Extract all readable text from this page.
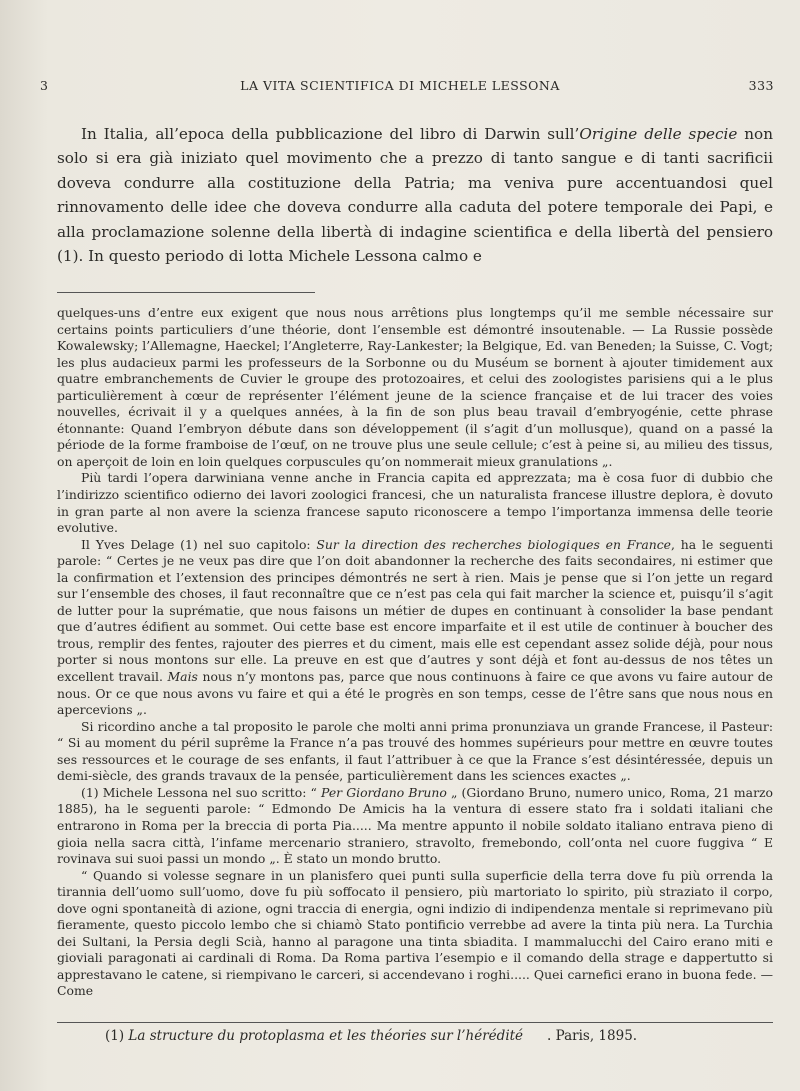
3	LA VITA SCIENTIFICA DI MICHELE LESSONA	333

In Italia, all’epoca della pubblicazione del libro di Darwin sull’Origine delle specie non solo si era già iniziato quel movimento che a prezzo di tanto sangue e di tanti sacrificii doveva condurre alla costituzione della Patria; ma veniva pure accentuandosi quel rinnovamento delle idee che doveva condurre alla caduta del potere temporale dei Papi, e alla proclamazione solenne della libertà di indagine scientifica e della libertà del pensiero (1). In questo periodo di lotta Michele Lessona calmo e

quelques-uns d’entre eux exigent que nous nous arrêtions plus longtemps qu’il me semble nécessaire sur certains points particuliers d’une théorie, dont l’ensemble est démontré insoutenable. — La Russie possède Kowalewsky; l’Allemagne, Haeckel; l’Angleterre, Ray-Lankester; la Belgique, Ed. van Beneden; la Suisse, C. Vogt; les plus audacieux parmi les professeurs de la Sorbonne ou du Muséum se bornent à ajouter timidement aux quatre embranchements de Cuvier le groupe des protozoaires, et celui des zoologistes parisiens qui a le plus particulièrement à cœur de représenter l’élément jeune de la science française et de lui tracer des voies nouvelles, écrivait il y a quelques années, à la fin de son plus beau travail d’embryogénie, cette phrase étonnante: Quand l’embryon débute dans son développement (il s’agit d’un mollusque), quand on a passé la période de la forme framboise de l’œuf, on ne trouve plus une seule cellule; c’est à peine si, au milieu des tissus, on aperçoit de loin en loin quelques corpuscules qu’on nommerait mieux granulations „.

Più tardi l’opera darwiniana venne anche in Francia capita ed apprezzata; ma è cosa fuor di dubbio che l’indirizzo scientifico odierno dei lavori zoologici francesi, che un naturalista francese illustre deplora, è dovuto in gran parte al non avere la scienza francese saputo riconoscere a tempo l’importanza immensa delle teorie evolutive.

Il Yves Delage (1) nel suo capitolo: Sur la direction des recherches biologiques en France, ha le seguenti parole: “ Certes je ne veux pas dire que l’on doit abandonner la recherche des faits secondaires, ni estimer que la confirmation et l’extension des principes démontrés ne sert à rien. Mais je pense que si l’on jette un regard sur l’ensemble des choses, il faut reconnaître que ce n’est pas cela qui fait marcher la science et, puisqu’il s’agit de lutter pour la suprématie, que nous faisons un métier de dupes en continuant à consolider la base pendant que d’autres édifient au sommet. Oui cette base est encore imparfaite et il est utile de continuer à boucher des trous, remplir des fentes, rajouter des pierres et du ciment, mais elle est cependant assez solide déjà, pour nous porter si nous montons sur elle. La preuve en est que d’autres y sont déjà et font au-dessus de nos têtes un excellent travail. Mais nous n’y montons pas, parce que nous continuons à faire ce que avons vu faire autour de nous. Or ce que nous avons vu faire et qui a été le progrès en son temps, cesse de l’être sans que nous nous en apercevions „.

Si ricordino anche a tal proposito le parole che molti anni prima pronunziava un grande Francese, il Pasteur: “ Si au moment du péril suprême la France n’a pas trouvé des hommes supérieurs pour mettre en œuvre toutes ses ressources et le courage de ses enfants, il faut l’attribuer à ce que la France s’est désintéressée, depuis un demi-siècle, des grands travaux de la pensée, particulièrement dans les sciences exactes „.

(1) Michele Lessona nel suo scritto: “ Per Giordano Bruno „ (Giordano Bruno, numero unico, Roma, 21 marzo 1885), ha le seguenti parole: “ Edmondo De Amicis ha la ventura di essere stato fra i soldati italiani che entrarono in Roma per la breccia di porta Pia..... Ma mentre appunto il nobile soldato italiano entrava pieno di gioia nella sacra città, l’infame mercenario straniero, stravolto, fremebondo, coll’onta nel cuore fuggiva “ E rovinava sui suoi passi un mondo „. È stato un mondo brutto.

“ Quando si volesse segnare in un planisfero quei punti sulla superficie della terra dove fu più orrenda la tirannia dell’uomo sull’uomo, dove fu più soffocato il pensiero, più martoriato lo spirito, più straziato il corpo, dove ogni spontaneità di azione, ogni traccia di energia, ogni indizio di indipendenza mentale si reprimevano più fieramente, questo piccolo lembo che si chiamò Stato pontificio verrebbe ad avere la tinta più nera. La Turchia dei Sultani, la Persia degli Scià, hanno al paragone una tinta sbiadita. I mammalucchi del Cairo erano miti e gioviali paragonati ai cardinali di Roma. Da Roma partiva l’esempio e il comando della strage e dappertutto si apprestavano le catene, si riempivano le carceri, si accendevano i roghi..... Quei carnefici erano in buona fede. — Come

(1) La structure du protoplasma et les théories sur l’hérédité . Paris, 1895.
